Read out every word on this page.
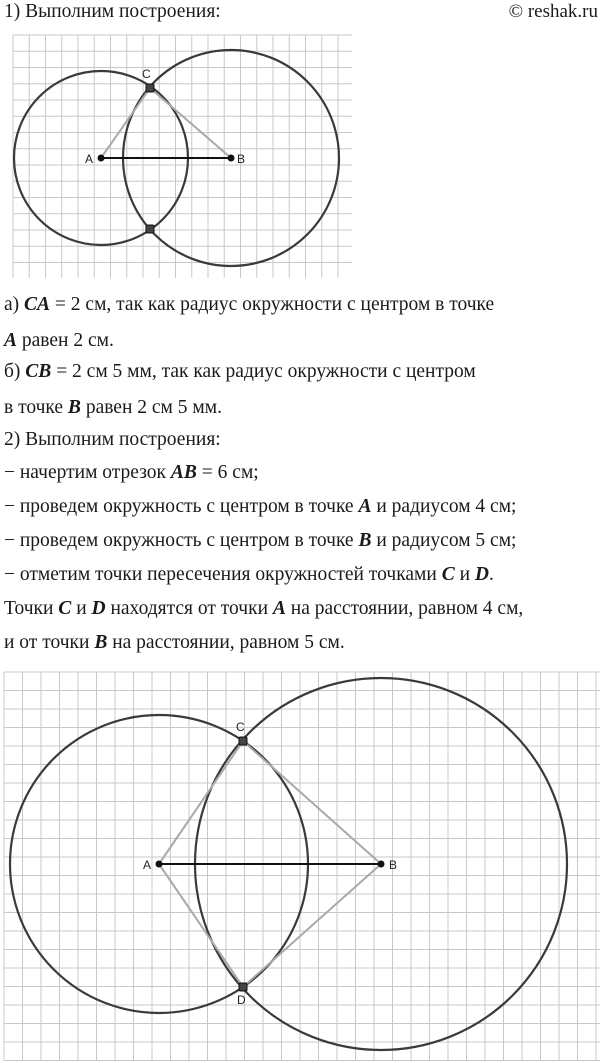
1) Выполним построения:	© reshak.ru
A	B
C
а) CA = 2 см, так как радиус окружности с центром в точке
A равен 2 см.
б) CB = 2 см 5 мм, так как радиус окружности с центром
в точке B равен 2 см 5 мм.
2) Выполним построения:
− начертим отрезок AB = 6 см;
− проведем окружность с центром в точке A и радиусом 4 см;
− проведем окружность с центром в точке B и радиусом 5 см;
− отметим точки пересечения окружностей точками C и D.
Точки C и D находятся от точки A на расстоянии, равном 4 см,
и от точки B на расстоянии, равном 5 см.
A	B
C
D
